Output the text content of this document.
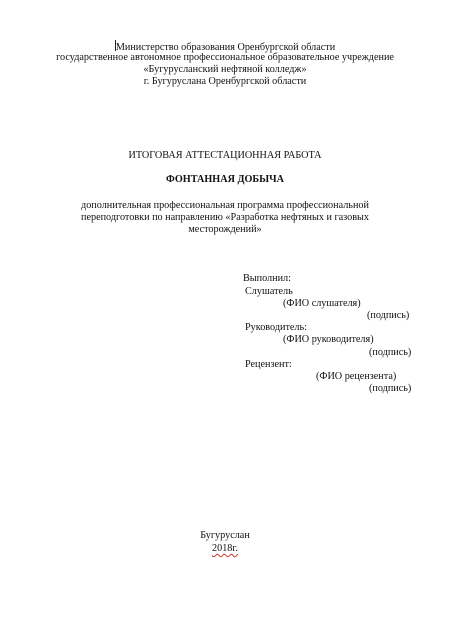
Министерство образования Оренбургской области
государственное автономное профессиональное образовательное учреждение
«Бугурусланский нефтяной колледж»
г. Бугуруслана Оренбургской области
ИТОГОВАЯ АТТЕСТАЦИОННАЯ РАБОТА
ФОНТАННАЯ ДОБЫЧА
дополнительная профессиональная программа профессиональной
переподготовки по направлению «Разработка нефтяных и газовых
месторождений»
Выполнил:
Слушатель
(ФИО слушателя)
(подпись)
Руководитель:
(ФИО руководителя)
(подпись)
Рецензент:
(ФИО рецензента)
(подпись)
Бугуруслан
2018г.
